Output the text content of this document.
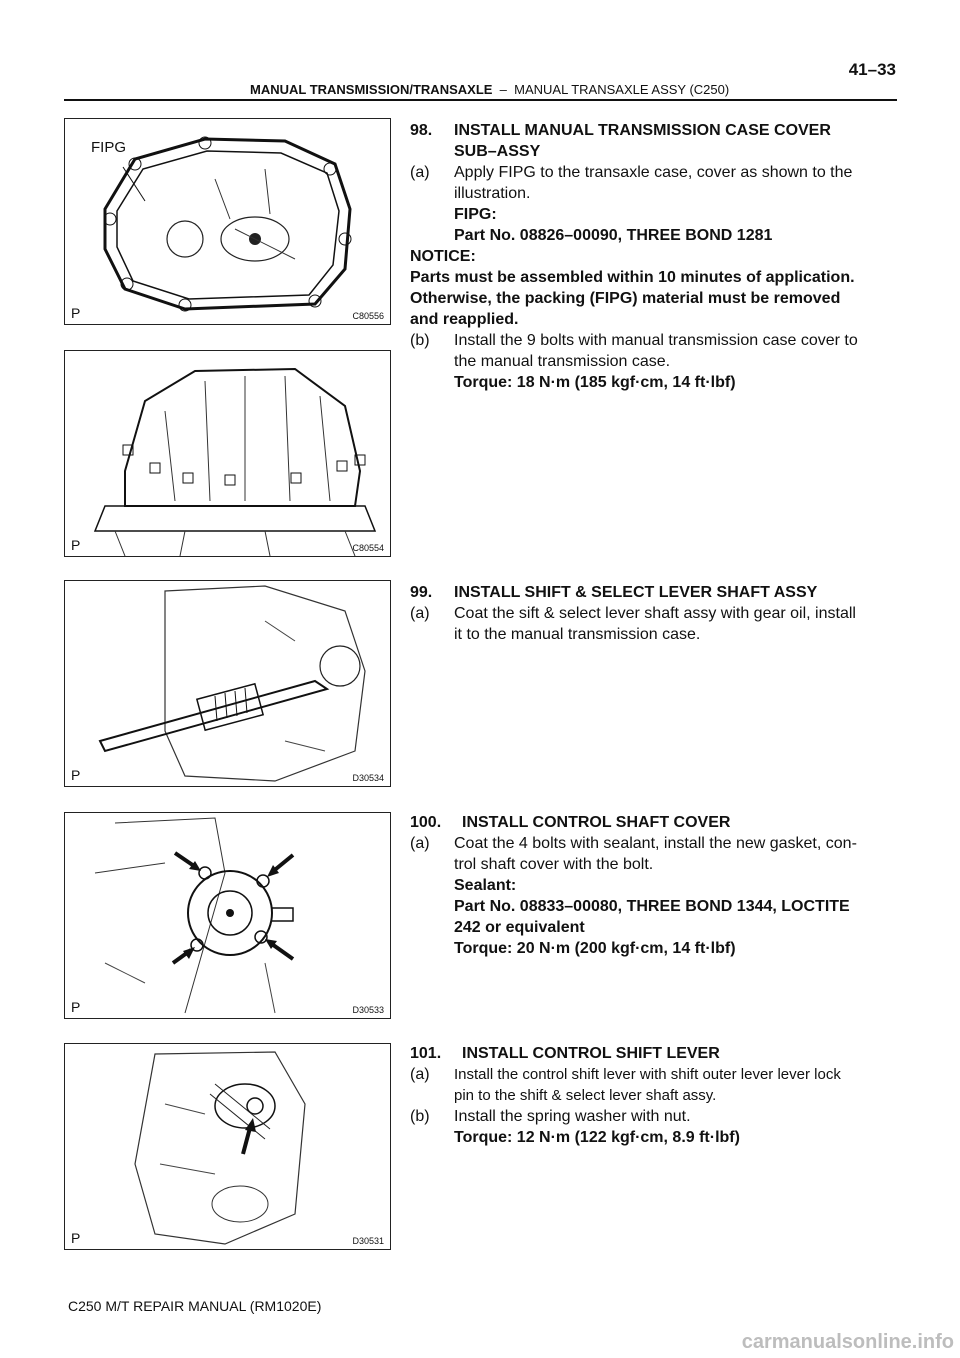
41–33
MANUAL TRANSMISSION/TRANSAXLE – MANUAL TRANSAXLE ASSY (C250)
FIPG
P	C80556
P	C80554
P	D30534
P	D30533
P	D30531
98.	INSTALL MANUAL TRANSMISSION CASE COVER
SUB–ASSY
(a)	Apply FIPG to the transaxle case, cover as shown to the
illustration.

FIPG:

Part No. 08826–00090, THREE BOND 1281

NOTICE:

Parts must be assembled within 10 minutes of application.

Otherwise, the packing (FIPG) material must be removed

and reapplied.

(b)	Install the 9 bolts with manual transmission case cover to
the manual transmission case.

Torque: 18 N·m (185 kgf·cm, 14 ft·lbf)

99.	INSTALL SHIFT & SELECT LEVER SHAFT ASSY
(a)	Coat the sift & select lever shaft assy with gear oil, install
it to the manual transmission case.
100.	INSTALL CONTROL SHAFT COVER
(a)	Coat the 4 bolts with sealant, install the new gasket, con-
trol shaft cover with the bolt.

Sealant:

Part No. 08833–00080, THREE BOND 1344, LOCTITE

242 or equivalent

Torque: 20 N·m (200 kgf·cm, 14 ft·lbf)

101.	INSTALL CONTROL SHIFT LEVER
(a)	Install the control shift lever with shift outer lever lever lock
pin to the shift & select lever shaft assy.
(b)	Install the spring washer with nut.

Torque: 12 N·m (122 kgf·cm, 8.9 ft·lbf)

C250 M/T REPAIR MANUAL (RM1020E)
carmanualsonline.info
